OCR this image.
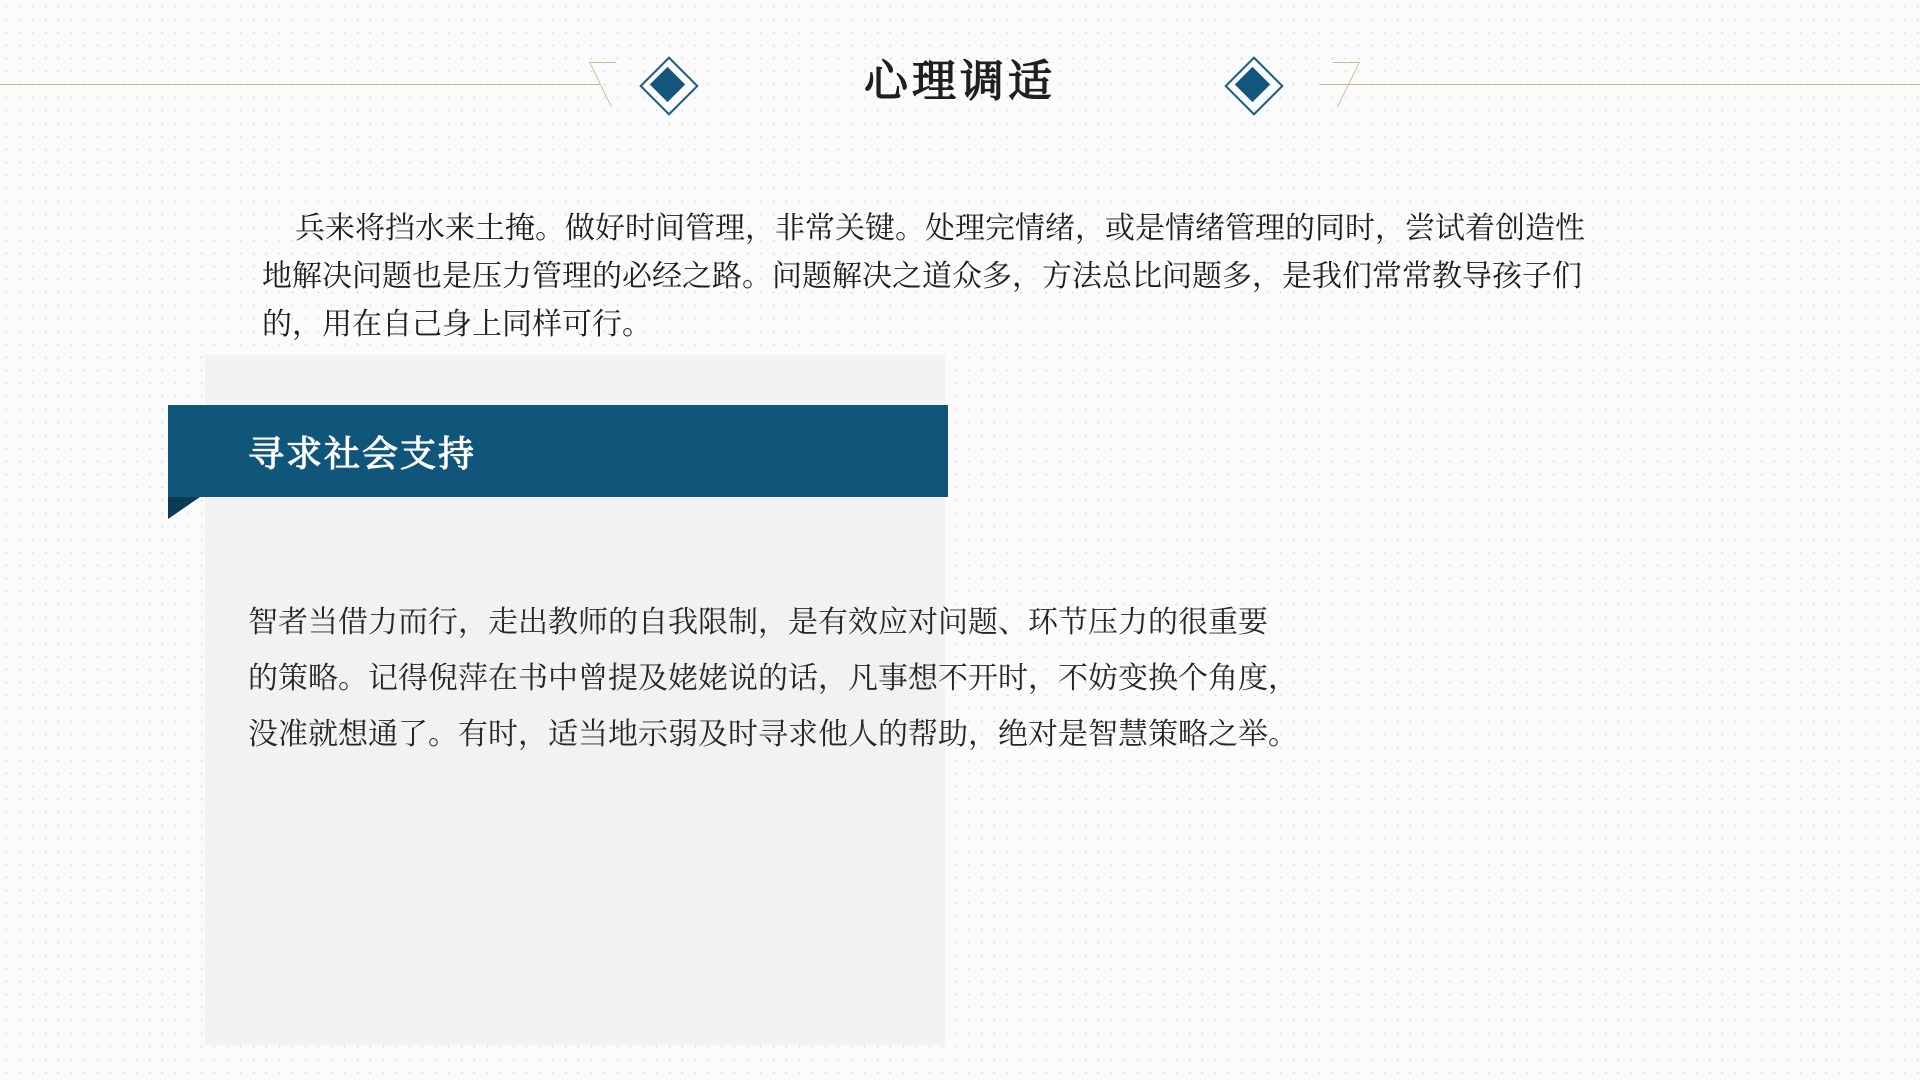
心理调适
兵来将挡水来土掩。做好时间管理，非常关键。处理完情绪，或是情绪管理的同时，尝试着创造性地解决问题也是压力管理的必经之路。问题解决之道众多，方法总比问题多，是我们常常教导孩子们的，用在自己身上同样可行。
寻求社会支持

智者当借力而行，走出教师的自我限制，是有效应对问题、环节压力的很重要

的策略。记得倪萍在书中曾提及姥姥说的话，凡事想不开时，不妨变换个角度，

没准就想通了。有时，适当地示弱及时寻求他人的帮助，绝对是智慧策略之举。
